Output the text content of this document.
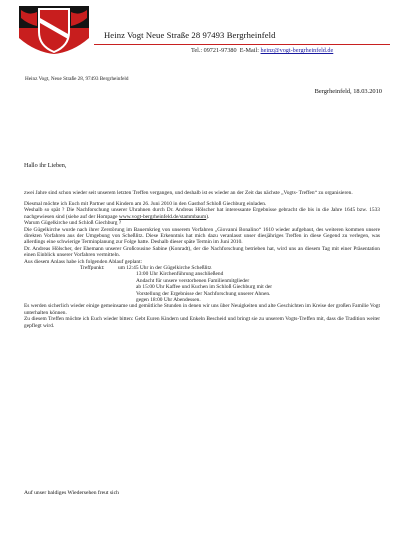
Heinz Vogt Neue Straße 28 97493 Bergrheinfeld
Tel.: 09721-97380 E-Mail: heinz@vogt-bergrheinfeld.de
Heinz Vogt, Neue Straße 28, 97493 Bergrheinfeld
Bergrheinfeld, 18.03.2010
Hallo ihr Lieben,

zwei Jahre sind schon wieder seit unserem letzten Treffen vergangen, und deshalb ist es wieder an der Zeit das nächste „Vogts- Treffen“ zu organisieren.

Diesmal möchte ich Euch mit Partner und Kindern am 26. Juni 2010 in den Gasthof Schloß Giechburg einladen.

Weshalb so spät ? Die Nachforschung unserer Uhrahnen durch Dr. Andreas Hölscher hat interessante Ergebnisse gebracht die bis in die Jahre 1645 bzw. 1533 nachgewiesen sind (siehe auf der Hompage www.vogt-bergrheinfeld.de/stammbaum).

Warum Gügelkirche und Schloß Giechburg ?

Die Gügelkirche wurde nach ihrer Zerstörung im Bauernkrieg von unserem Vorfahren „Giovanni Bonalino“ 1610 wieder aufgebaut, des weiteren kommen unsere direkten Vorfahren aus der Umgebung von Scheßlitz. Diese Erkenntnis hat mich dazu veranlasst unser diesjähriges Treffen in diese Gegend zu verlegen, was allerdings eine schwierige Terminplanung zur Folge hatte. Deshalb dieser späte Termin im Juni 2010.

Dr. Andreas Hölscher, der Ehemann unserer Großcousine Sabine (Konradt), der die Nachforschung betrieben hat, wird uns an diesem Tag mit einer Präsentation einen Einblick unserer Vorfahren vermitteln.

Aus diesem Anlass habe ich folgenden Ablauf geplant:

Treffpunkt: um 12:45 Uhr in der Gügelkirche Scheßlitz
13:00 Uhr Kirchenführung anschließend
Andacht für unsere verstorbenen Familienmitglieder
ab 15:00 Uhr Kaffee und Kuchen im Schloß Giechburg mit der
Vorstellung der Ergebnisse der Nachforschung unserer Ahnen.
gegen 18:00 Uhr Abendessen.

Es werden sicherlich wieder einige gemeinsame und gemütliche Stunden in denen wir uns über Neuigkeiten und alte Geschichten im Kreise der großen Familie Vogt unterhalten können.

Zu diesem Treffen möchte ich Euch wieder bitten: Gebt Euren Kindern und Enkeln Bescheid und bringt sie zu unserem Vogts-Treffen mit, dass die Tradition weiter gepflegt wird.

Auf unser baldiges Wiedersehen freut sich
